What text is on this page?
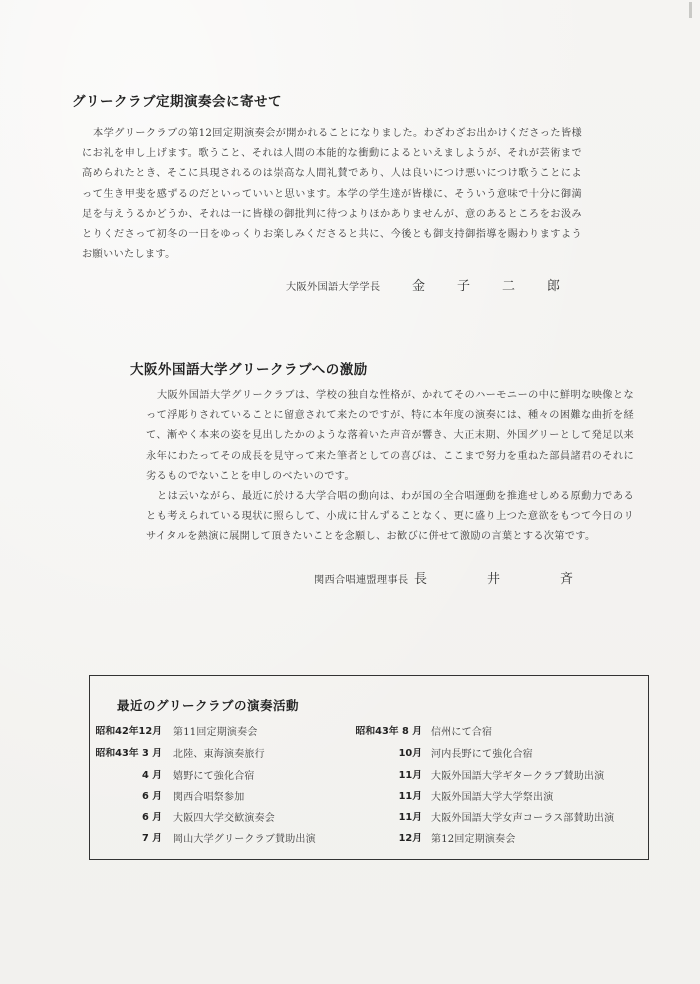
グリークラブ定期演奏会に寄せて
本学グリークラブの第12回定期演奏会が開かれることになりました。わざわざお出かけくださった皆様にお礼を申し上げます。歌うこと、それは人間の本能的な衝動によるといえましようが、それが芸術まで高められたとき、そこに具現されるのは崇高な人間礼賛であり、人は良いにつけ悪いにつけ歌うことによって生き甲斐を感ずるのだといっていいと思います。本学の学生達が皆様に、そういう意味で十分に御満足を与えうるかどうか、それは一に皆様の御批判に待つよりほかありませんが、意のあるところをお汲みとりくださって初冬の一日をゆっくりお楽しみくださると共に、今後とも御支持御指導を賜わりますようお願いいたします。
大阪外国語大学学長 金子二郎
大阪外国語大学グリークラブへの激励
大阪外国語大学グリークラブは、学校の独自な性格が、かれてそのハーモニーの中に鮮明な映像となって浮彫りされていることに留意されて来たのですが、特に本年度の演奏には、種々の困難な曲折を経て、漸やく本来の姿を見出したかのような落着いた声音が響き、大正末期、外国グリーとして発足以来永年にわたってその成長を見守って来た筆者としての喜びは、ここまで努力を重ねた部員諸君のそれに劣るものでないことを申しのべたいのです。
とは云いながら、最近に於ける大学合唱の動向は、わが国の全合唱運動を推進せしめる原動力であるとも考えられている現状に照らして、小成に甘んずることなく、更に盛り上つた意欲をもつて今日のリサイタルを熱演に展開して頂きたいことを念願し、お歓びに併せて激励の言葉とする次第です。
関西合唱連盟理事長 長井斉
最近のグリークラブの演奏活動
昭和42年12月 第11回定期演奏会
昭和43年 3 月 北陸、東海演奏旅行
4 月 嬉野にて強化合宿
6 月 関西合唱祭参加
6 月 大阪四大学交歓演奏会
7 月 岡山大学グリークラブ賛助出演
昭和43年 8 月 信州にて合宿
10月 河内長野にて強化合宿
11月 大阪外国語大学ギタークラブ賛助出演
11月 大阪外国語大学大学祭出演
11月 大阪外国語大学女声コーラス部賛助出演
12月 第12回定期演奏会
